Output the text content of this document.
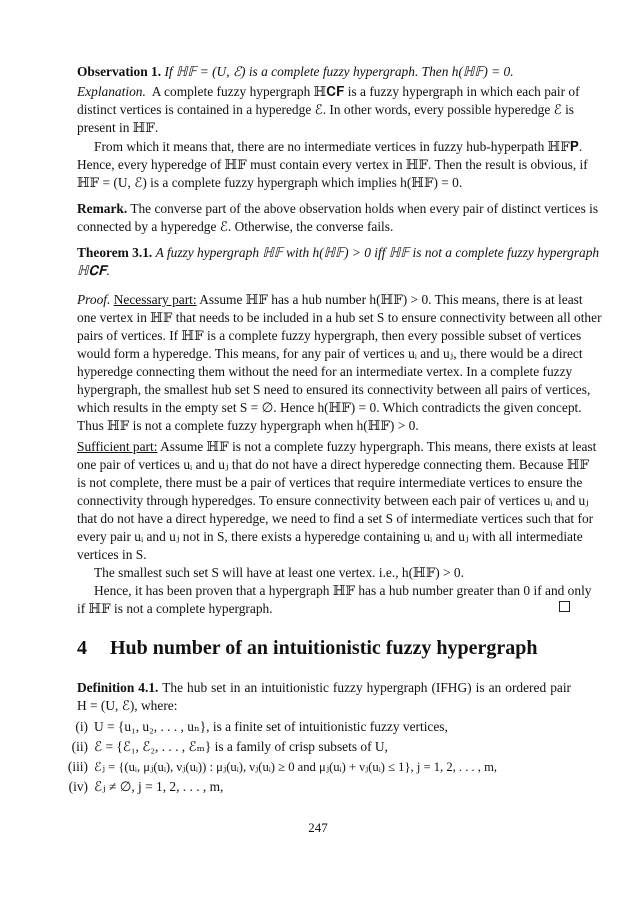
Observation 1. If ℍ𝔽 = (U, ℰ) is a complete fuzzy hypergraph. Then h(ℍ𝔽) = 0.
Explanation. A complete fuzzy hypergraph ℍ𝐂𝐅 is a fuzzy hypergraph in which each pair of
distinct vertices is contained in a hyperedge ℰ. In other words, every possible hyperedge ℰ is
present in ℍ𝔽.
From which it means that, there are no intermediate vertices in fuzzy hub-hyperpath ℍ𝔽𝐏.
Hence, every hyperedge of ℍ𝔽 must contain every vertex in ℍ𝔽. Then the result is obvious, if
ℍ𝔽 = (U, ℰ) is a complete fuzzy hypergraph which implies h(ℍ𝔽) = 0.
Remark. The converse part of the above observation holds when every pair of distinct vertices is
connected by a hyperedge ℰ. Otherwise, the converse fails.
Theorem 3.1. A fuzzy hypergraph ℍ𝔽 with h(ℍ𝔽) > 0 iff ℍ𝔽 is not a complete fuzzy hypergraph
ℍ𝐂𝐅.
Proof. Necessary part: Assume ℍ𝔽 has a hub number h(ℍ𝔽) > 0. This means, there is at least
one vertex in ℍ𝔽 that needs to be included in a hub set S to ensure connectivity between all other
pairs of vertices. If ℍ𝔽 is a complete fuzzy hypergraph, then every possible subset of vertices
would form a hyperedge. This means, for any pair of vertices uᵢ and uⱼ, there would be a direct
hyperedge connecting them without the need for an intermediate vertex. In a complete fuzzy
hypergraph, the smallest hub set S need to ensured its connectivity between all pairs of vertices,
which results in the empty set S = ∅. Hence h(ℍ𝔽) = 0. Which contradicts the given concept.
Thus ℍ𝔽 is not a complete fuzzy hypergraph when h(ℍ𝔽) > 0.
Sufficient part: Assume ℍ𝔽 is not a complete fuzzy hypergraph. This means, there exists at least
one pair of vertices uᵢ and uⱼ that do not have a direct hyperedge connecting them. Because ℍ𝔽
is not complete, there must be a pair of vertices that require intermediate vertices to ensure the
connectivity through hyperedges. To ensure connectivity between each pair of vertices uᵢ and uⱼ
that do not have a direct hyperedge, we need to find a set S of intermediate vertices such that for
every pair uᵢ and uⱼ not in S, there exists a hyperedge containing uᵢ and uⱼ with all intermediate
vertices in S.
The smallest such set S will have at least one vertex. i.e., h(ℍ𝔽) > 0.
Hence, it has been proven that a hypergraph ℍ𝔽 has a hub number greater than 0 if and only
if ℍ𝔽 is not a complete hypergraph.
4 Hub number of an intuitionistic fuzzy hypergraph
Definition 4.1. The hub set in an intuitionistic fuzzy hypergraph (IFHG) is an ordered pair
H = (U, ℰ), where:
(i) U = {u₁, u₂, . . . , uₙ}, is a finite set of intuitionistic fuzzy vertices,
(ii) ℰ = {ℰ₁, ℰ₂, . . . , ℰₘ} is a family of crisp subsets of U,
(iii) ℰⱼ = {(uᵢ, μⱼ(uᵢ), νⱼ(uᵢ)) : μⱼ(uᵢ), νⱼ(uᵢ) ≥ 0 and μⱼ(uᵢ) + νⱼ(uᵢ) ≤ 1}, j = 1, 2, . . . , m,
(iv) ℰⱼ ≠ ∅, j = 1, 2, . . . , m,
247
